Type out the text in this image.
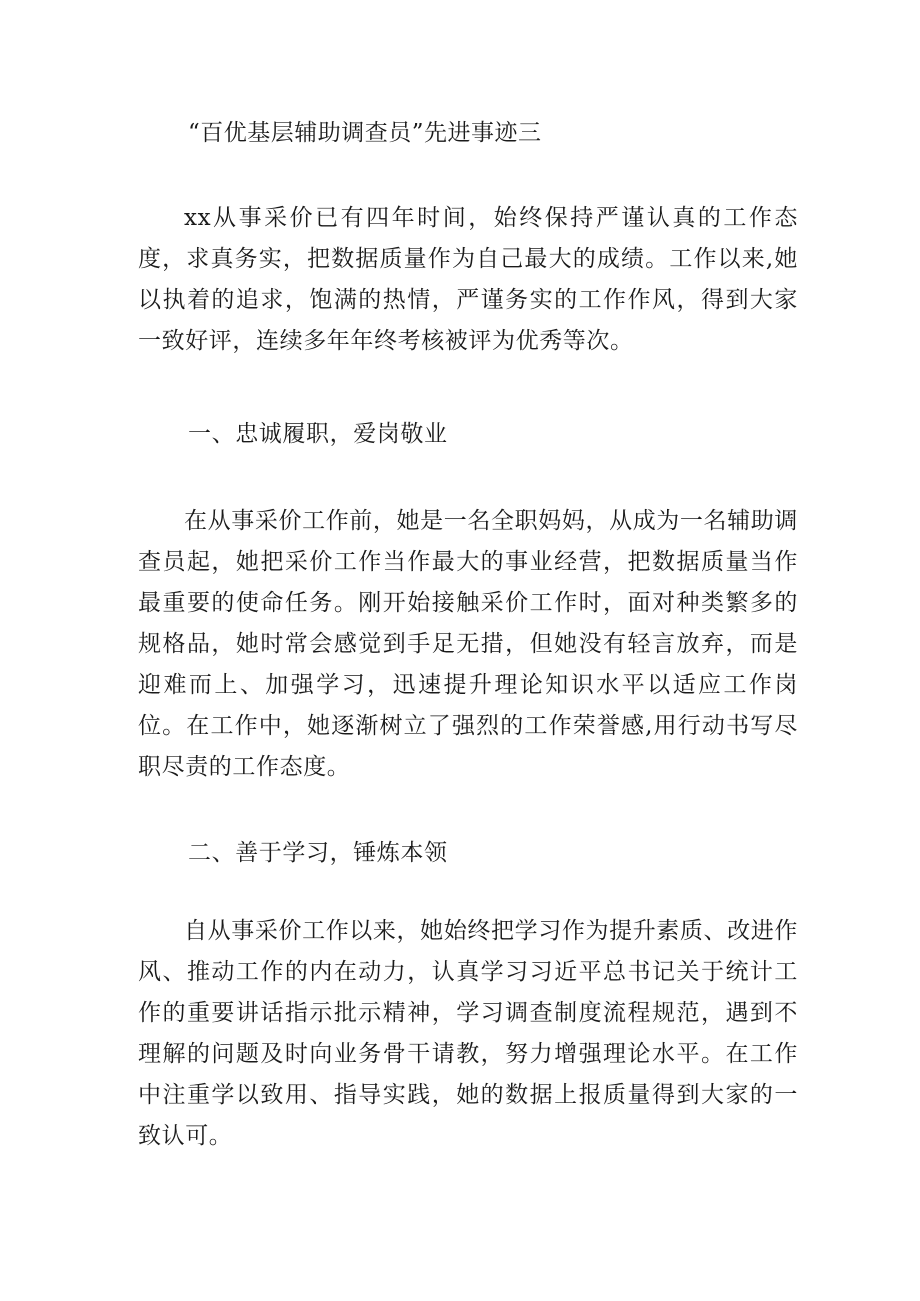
“百优基层辅助调查员”先进事迹三

xx从事采价已有四年时间，始终保持严谨认真的工作态度，求真务实，把数据质量作为自己最大的成绩。工作以来,她以执着的追求，饱满的热情，严谨务实的工作作风，得到大家一致好评，连续多年年终考核被评为优秀等次。

一、忠诚履职，爱岗敬业

在从事采价工作前，她是一名全职妈妈，从成为一名辅助调查员起，她把采价工作当作最大的事业经营，把数据质量当作最重要的使命任务。刚开始接触采价工作时，面对种类繁多的规格品，她时常会感觉到手足无措，但她没有轻言放弃，而是迎难而上、加强学习，迅速提升理论知识水平以适应工作岗位。在工作中，她逐渐树立了强烈的工作荣誉感,用行动书写尽职尽责的工作态度。

二、善于学习，锤炼本领

自从事采价工作以来，她始终把学习作为提升素质、改进作风、推动工作的内在动力，认真学习习近平总书记关于统计工作的重要讲话指示批示精神，学习调查制度流程规范，遇到不理解的问题及时向业务骨干请教，努力增强理论水平。在工作中注重学以致用、指导实践，她的数据上报质量得到大家的一致认可。
